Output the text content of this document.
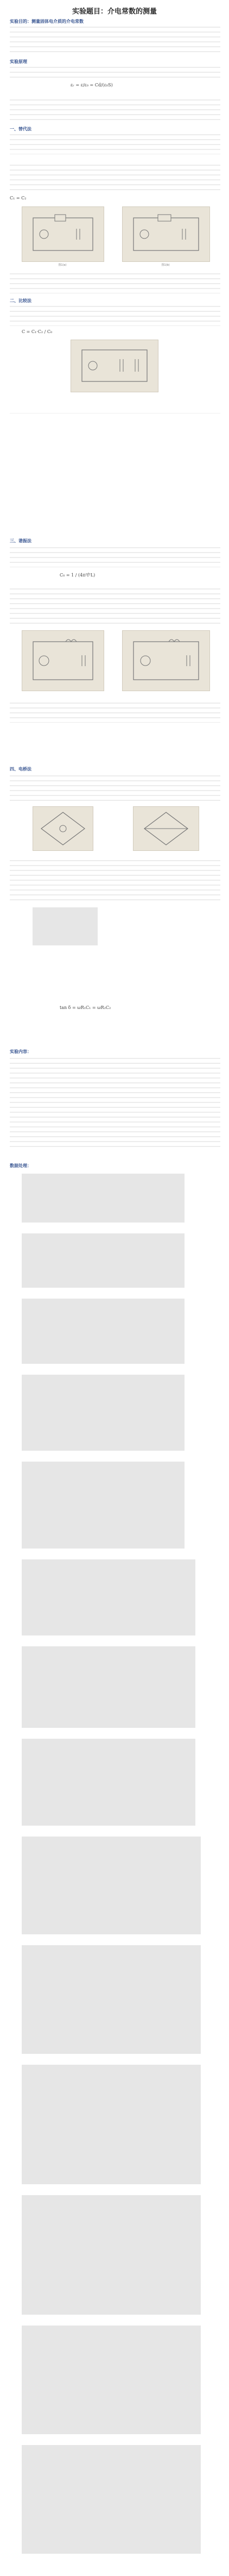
实验题目：介电常数的测量
实验目的：测量固体电介质的介电常数
实验原理
εᵣ = ε/ε₀ = Cd/(ε₀S)
一、替代法
C₁ = C₂
图1(a)	图1(b)
二、比较法
C = C₁·C₂ / C₀
三、谐振法
C₀ = 1 / (4π²f²L)
四、电桥法
tan δ = ωR₁C₁ = ωR₂C₂
实验内容：
数据处理：
